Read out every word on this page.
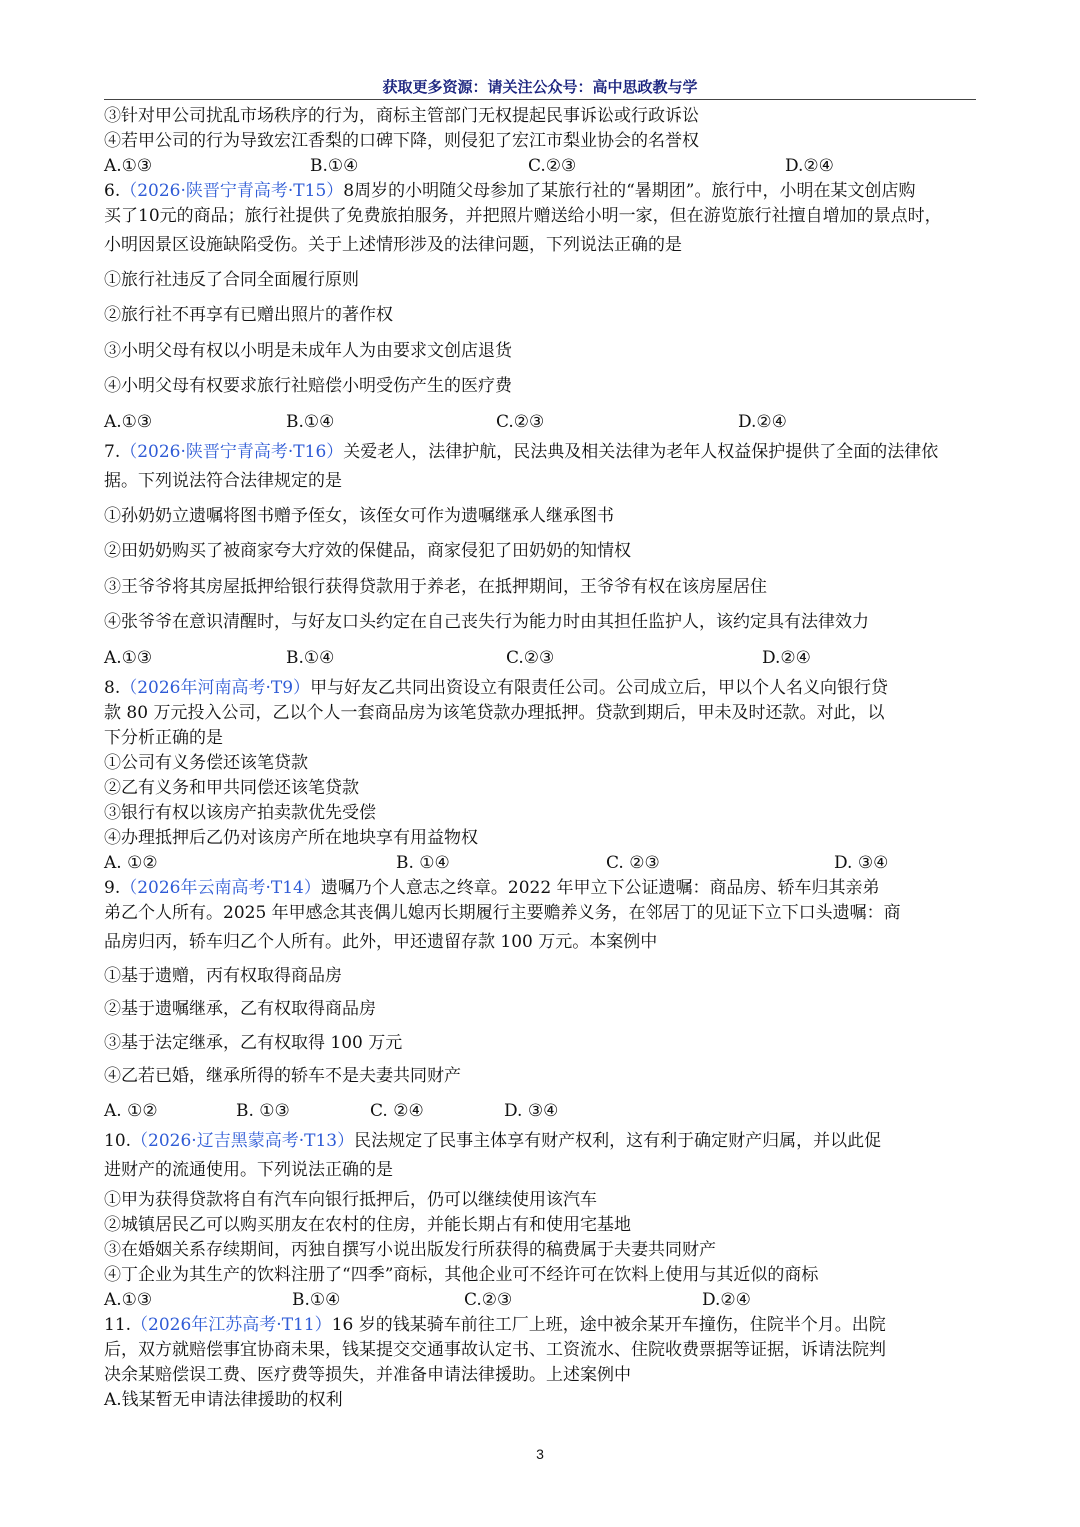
获取更多资源：请关注公众号：高中思政教与学
③针对甲公司扰乱市场秩序的行为，商标主管部门无权提起民事诉讼或行政诉讼
④若甲公司的行为导致宏江香梨的口碑下降，则侵犯了宏江市梨业协会的名誉权
A.①③	B.①④	C.②③	D.②④
6.（2026·陕晋宁青高考·T15）8周岁的小明随父母参加了某旅行社的“暑期团”。旅行中，小明在某文创店购
买了10元的商品；旅行社提供了免费旅拍服务，并把照片赠送给小明一家，但在游览旅行社擅自增加的景点时，
小明因景区设施缺陷受伤。关于上述情形涉及的法律问题，下列说法正确的是
①旅行社违反了合同全面履行原则
②旅行社不再享有已赠出照片的著作权
③小明父母有权以小明是未成年人为由要求文创店退货
④小明父母有权要求旅行社赔偿小明受伤产生的医疗费
A.①③	B.①④	C.②③	D.②④
7.（2026·陕晋宁青高考·T16）关爱老人，法律护航，民法典及相关法律为老年人权益保护提供了全面的法律依
据。下列说法符合法律规定的是
①孙奶奶立遗嘱将图书赠予侄女，该侄女可作为遗嘱继承人继承图书
②田奶奶购买了被商家夸大疗效的保健品，商家侵犯了田奶奶的知情权
③王爷爷将其房屋抵押给银行获得贷款用于养老，在抵押期间，王爷爷有权在该房屋居住
④张爷爷在意识清醒时，与好友口头约定在自己丧失行为能力时由其担任监护人，该约定具有法律效力
A.①③	B.①④	C.②③	D.②④
8.（2026年河南高考·T9）甲与好友乙共同出资设立有限责任公司。公司成立后，甲以个人名义向银行贷
款 80 万元投入公司，乙以个人一套商品房为该笔贷款办理抵押。贷款到期后，甲未及时还款。对此，以
下分析正确的是
①公司有义务偿还该笔贷款
②乙有义务和甲共同偿还该笔贷款
③银行有权以该房产拍卖款优先受偿
④办理抵押后乙仍对该房产所在地块享有用益物权
A. ①②	B. ①④	C. ②③	D. ③④
9.（2026年云南高考·T14）遗嘱乃个人意志之终章。2022 年甲立下公证遗嘱：商品房、轿车归其亲弟
弟乙个人所有。2025 年甲感念其丧偶儿媳丙长期履行主要赡养义务，在邻居丁的见证下立下口头遗嘱：商
品房归丙，轿车归乙个人所有。此外，甲还遗留存款 100 万元。本案例中
①基于遗赠，丙有权取得商品房
②基于遗嘱继承，乙有权取得商品房
③基于法定继承，乙有权取得 100 万元
④乙若已婚，继承所得的轿车不是夫妻共同财产
A. ①②	B. ①③	C. ②④	D. ③④
10.（2026·辽吉黑蒙高考·T13）民法规定了民事主体享有财产权利，这有利于确定财产归属，并以此促
进财产的流通使用。下列说法正确的是
①甲为获得贷款将自有汽车向银行抵押后，仍可以继续使用该汽车
②城镇居民乙可以购买朋友在农村的住房，并能长期占有和使用宅基地
③在婚姻关系存续期间，丙独自撰写小说出版发行所获得的稿费属于夫妻共同财产
④丁企业为其生产的饮料注册了“四季”商标，其他企业可不经许可在饮料上使用与其近似的商标
A.①③	B.①④	C.②③	D.②④
11.（2026年江苏高考·T11）16 岁的钱某骑车前往工厂上班，途中被余某开车撞伤，住院半个月。出院
后，双方就赔偿事宜协商未果，钱某提交交通事故认定书、工资流水、住院收费票据等证据，诉请法院判
决余某赔偿误工费、医疗费等损失，并准备申请法律援助。上述案例中
A.钱某暂无申请法律援助的权利
3
